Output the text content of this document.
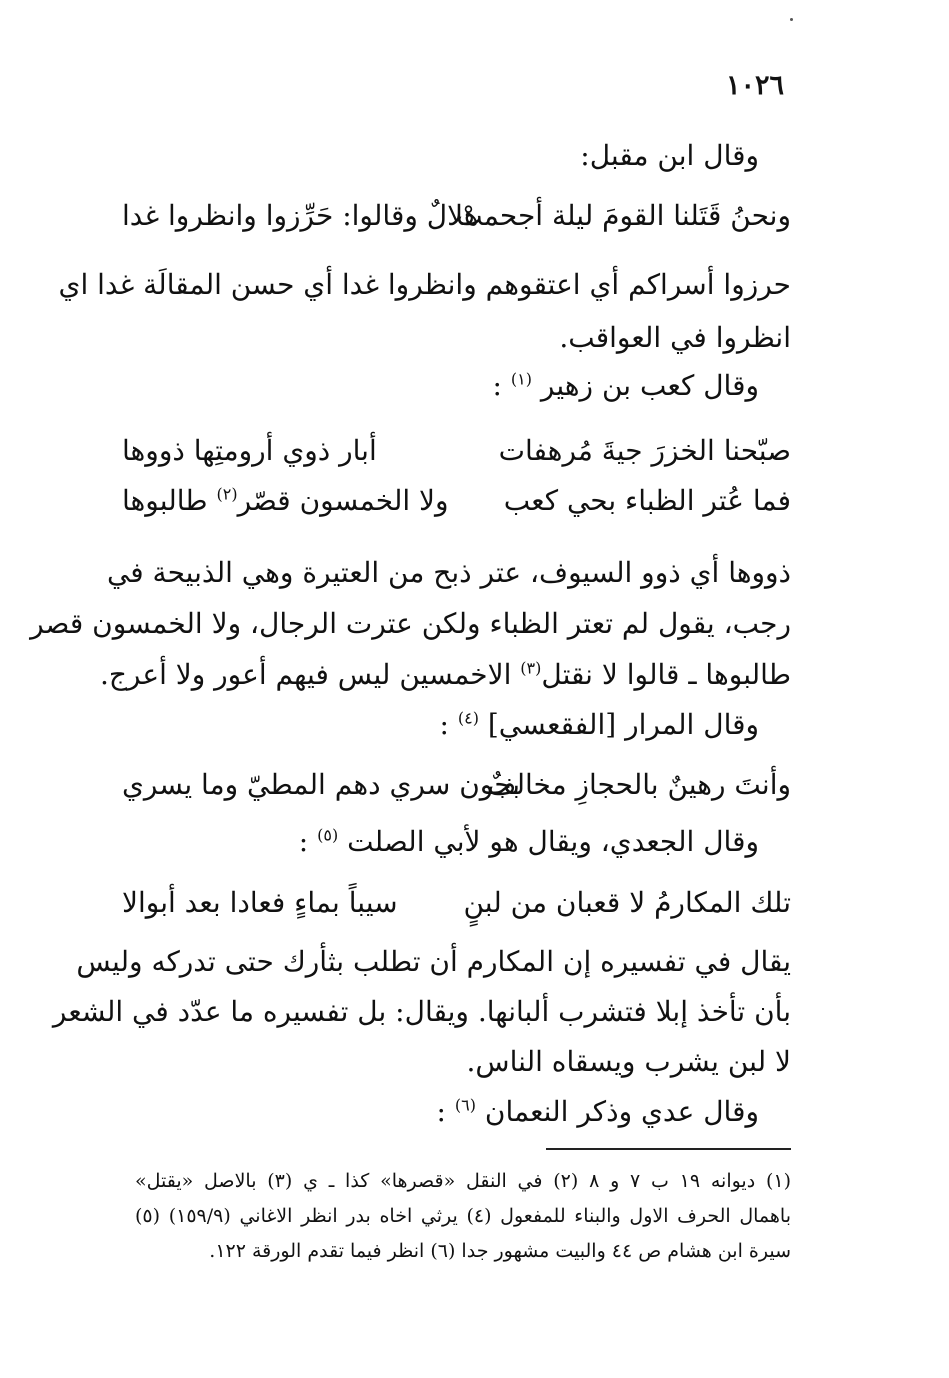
١٠٢٦
وقال ابن مقبل:
ونحنُ قَتَلنا القومَ ليلة أجحمتْ
هلالٌ وقالوا: حَرِّزوا وانظروا غدا
حرزوا أسراكم أي اعتقوهم وانظروا غدا أي حسن المقالَة غدا اي
انظروا في العواقب.
وقال كعب بن زهير $^{(١)}$ :
صبّحنا الخزرَ جيةَ مُرهفات
أبار ذوي أرومتِها ذووها
فما عُتر الظباء بحي كعب
ولا الخمسون قصّر$^{(٢)}$ طالبوها
ذووها أي ذوو السيوف، عتر ذبح من العتيرة وهي الذبيحة في
رجب، يقول لم تعتر الظباء ولكن عترت الرجال، ولا الخمسون قصر
طالبوها ـ قالوا لا نقتل$^{(٣)}$ الاخمسين ليس فيهم أعور ولا أعرج.
وقال المرار [الفقعسي] $^{(٤)}$ :
وأنتَ رهينٌ بالحجازِ مخالفٌ
بجون سري دهم المطيّ وما يسري
وقال الجعدي، ويقال هو لأبي الصلت $^{(٥)}$ :
تلك المكارمُ لا قعبان من لبنٍ
سيباً بماءٍ فعادا بعد أبوالا
يقال في تفسيره إن المكارم أن تطلب بثأرك حتى تدركه وليس
بأن تأخذ إبلا فتشرب ألبانها. ويقال: بل تفسيره ما عدّد في الشعر
لا لبن يشرب ويسقاه الناس.
وقال عدي وذكر النعمان $^{(٦)}$ :
(١) ديوانه ١٩ ب ٧ و ٨ (٢) في النقل «قصرها» كذا ـ ي (٣) بالاصل «يقتل»
باهمال الحرف الاول والبناء للمفعول (٤) يرثي اخاه بدر انظر الاغاني (١٥٩/٩) (٥)
سيرة ابن هشام ص ٤٤ والبيت مشهور جدا (٦) انظر فيما تقدم الورقة ١٢٢.
